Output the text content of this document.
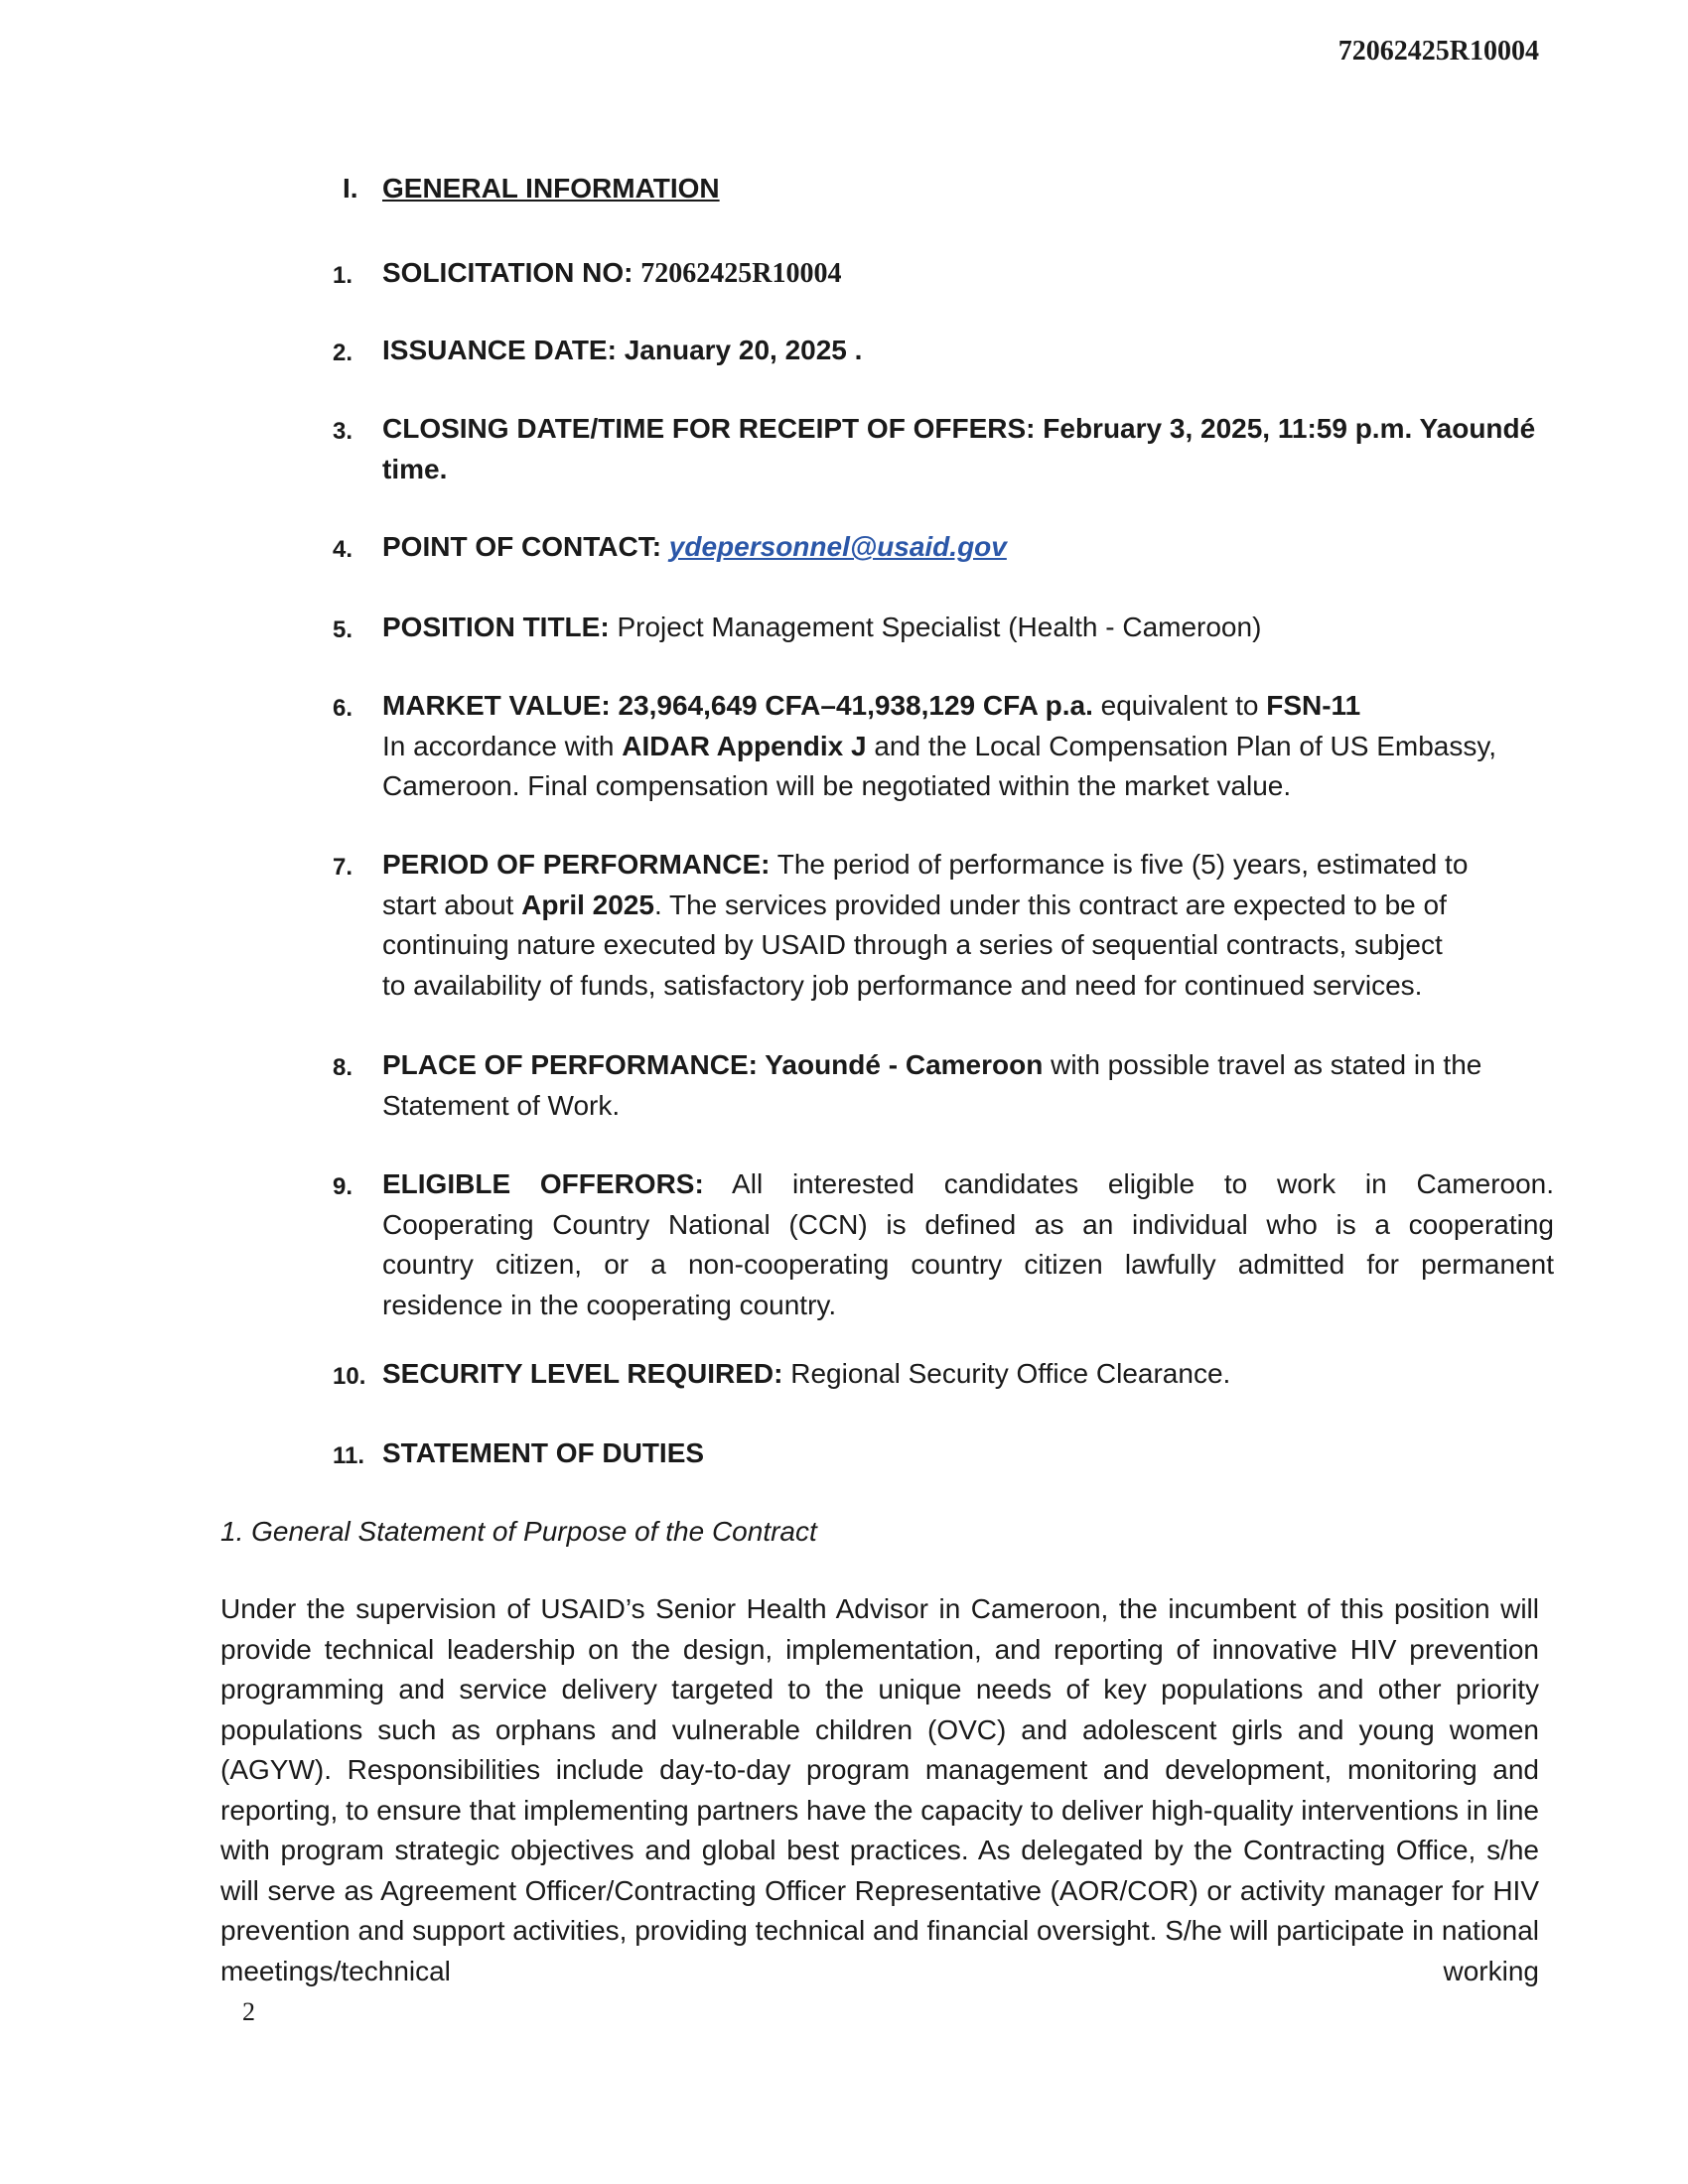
72062425R10004
I. GENERAL INFORMATION
1.	SOLICITATION NO: 72062425R10004
2.	ISSUANCE DATE: January 20, 2025 .
3.	CLOSING DATE/TIME FOR RECEIPT OF OFFERS: February 3, 2025, 11:59 p.m. Yaoundé
time.
4.	POINT OF CONTACT: ydepersonnel@usaid.gov
5.	POSITION TITLE: Project Management Specialist (Health - Cameroon)
6.	MARKET VALUE: 23,964,649 CFA–41,938,129 CFA p.a. equivalent to FSN-11
In accordance with AIDAR Appendix J and the Local Compensation Plan of US Embassy,
Cameroon. Final compensation will be negotiated within the market value.
7.	PERIOD OF PERFORMANCE: The period of performance is five (5) years, estimated to
start about April 2025. The services provided under this contract are expected to be of
continuing nature executed by USAID through a series of sequential contracts, subject
to availability of funds, satisfactory job performance and need for continued services.
8.	PLACE OF PERFORMANCE: Yaoundé - Cameroon with possible travel as stated in the
Statement of Work.
9.	ELIGIBLE OFFERORS: All interested candidates eligible to work in Cameroon.
Cooperating Country National (CCN) is defined as an individual who is a cooperating
country citizen, or a non-cooperating country citizen lawfully admitted for permanent
residence in the cooperating country.
10. SECURITY LEVEL REQUIRED: Regional Security Office Clearance.
11. STATEMENT OF DUTIES
1. General Statement of Purpose of the Contract
Under the supervision of USAID’s Senior Health Advisor in Cameroon, the incumbent of this position will provide technical leadership on the design, implementation, and reporting of innovative HIV prevention programming and service delivery targeted to the unique needs of key populations and other priority populations such as orphans and vulnerable children (OVC) and adolescent girls and young women (AGYW). Responsibilities include day-to-day program management and development, monitoring and reporting, to ensure that implementing partners have the capacity to deliver high-quality interventions in line with program strategic objectives and global best practices. As delegated by the Contracting Office, s/he will serve as Agreement Officer/Contracting Officer Representative (AOR/COR) or activity manager for HIV prevention and support activities, providing technical and financial oversight. S/he will participate in national meetings/technical working
2
